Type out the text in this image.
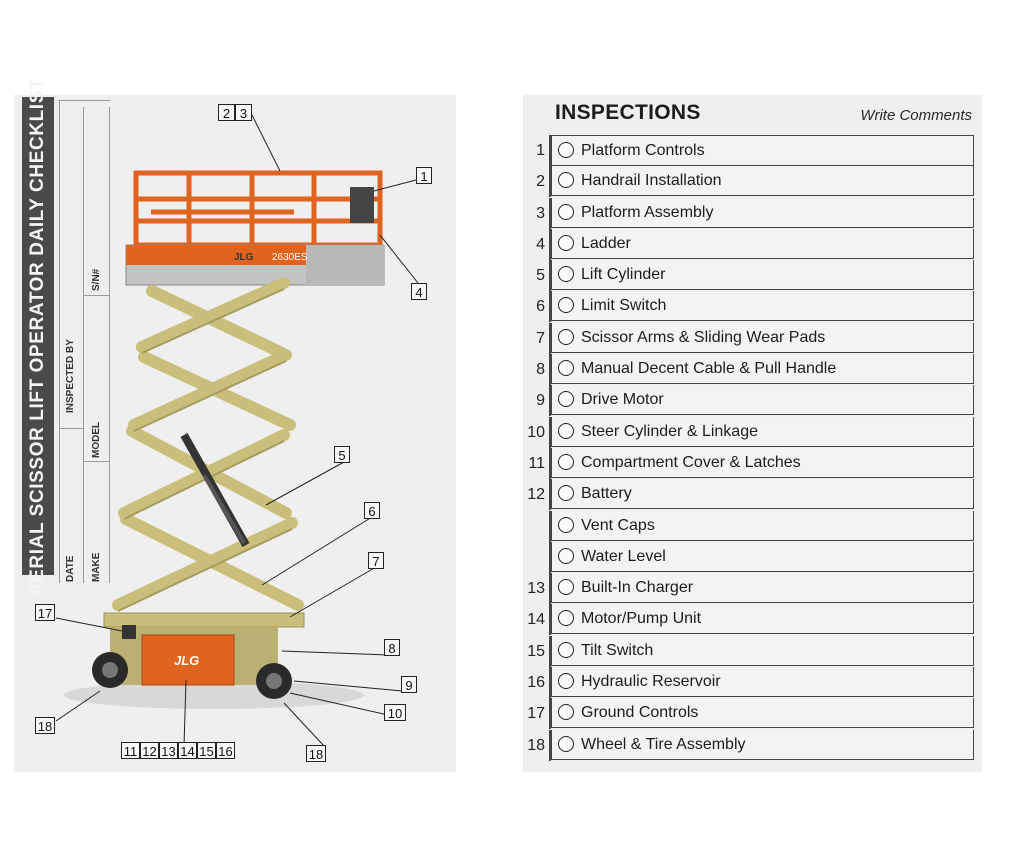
AERIAL SCISSOR LIFT OPERATOR DAILY CHECKLIST DATE MAKE
INSPECTED BY
MODEL
S/N#
JLG 2630ES
JLG
2 3
1
4
5
6
7
17
8
9
10
18
18
11 12 13 14 15 16
INSPECTIONS	Write Comments
1 Platform Controls
2 Handrail Installation
3 Platform Assembly
4 Ladder
5 Lift Cylinder
6 Limit Switch
7 Scissor Arms & Sliding Wear Pads
8 Manual Decent Cable & Pull Handle
9 Drive Motor
10 Steer Cylinder & Linkage
11 Compartment Cover & Latches
12 Battery
Vent Caps
Water Level
13 Built-In Charger
14 Motor/Pump Unit
15 Tilt Switch
16 Hydraulic Reservoir
17 Ground Controls
18 Wheel & Tire Assembly
